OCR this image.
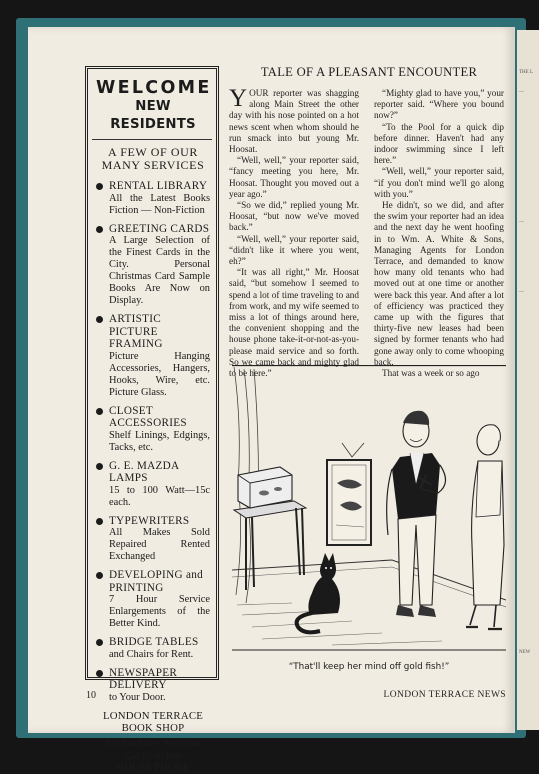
THE L
—
—
—
NEW
WELCOME
NEW RESIDENTS
A FEW OF OUR
MANY SERVICES
RENTAL LIBRARY
All the Latest Books Fiction — Non-Fiction
GREETING CARDS
A Large Selection of the Finest Cards in the City. Personal Christmas Card Sample Books Are Now on Display.
ARTISTIC PICTURE FRAMING
Picture Hanging Accessories, Hangers, Hooks, Wire, etc. Picture Glass.
CLOSET ACCESSORIES
Shelf Linings, Edgings, Tacks, etc.
G. E. MAZDA LAMPS
15 to 100 Watt—15c each.
TYPEWRITERS
All Makes Sold Repaired Rented Exchanged
DEVELOPING and PRINTING
7 Hour Service Enlargements of the Better Kind.
BRIDGE TABLES
and Chairs for Rent.
NEWSPAPER DELIVERY
to Your Door.
LONDON TERRACE
BOOK SHOP
219 Ninth Ave., New York
Call Us on Your
HOUSE PHONE
TALE OF A PLEASANT ENCOUNTER

YOUR reporter was shagging along Main Street the other day with his nose pointed on a hot news scent when whom should he run smack into but young Mr. Hoosat.

“Well, well,” your reporter said, “fancy meeting you here, Mr. Hoosat. Thought you moved out a year ago.”

“So we did,” replied young Mr. Hoosat, “but now we've moved back.”

“Well, well,” your reporter said, “didn't like it where you went, eh?”

“It was all right,” Mr. Hoosat said, “but somehow I seemed to spend a lot of time traveling to and from work, and my wife seemed to miss a lot of things around here, the convenient shopping and the house phone take-it-or-not-as-you-please maid service and so forth. So we came back and mighty glad to be here.”

“Mighty glad to have you,” your reporter said. “Where you bound now?”

“To the Pool for a quick dip before dinner. Haven't had any indoor swimming since I left here.”

“Well, well,” your reporter said, “if you don't mind we'll go along with you.”

He didn't, so we did, and after the swim your reporter had an idea and the next day he went hoofing in to Wm. A. White & Sons, Managing Agents for London Terrace, and demanded to know how many old tenants who had moved out at one time or another were back this year. And after a lot of efficiency was practiced they came up with the figures that thirty-five new leases had been signed by former tenants who had gone away only to come whooping back.

That was a week or so ago

“That'll keep her mind off gold fish!”
10	LONDON TERRACE NEWS
